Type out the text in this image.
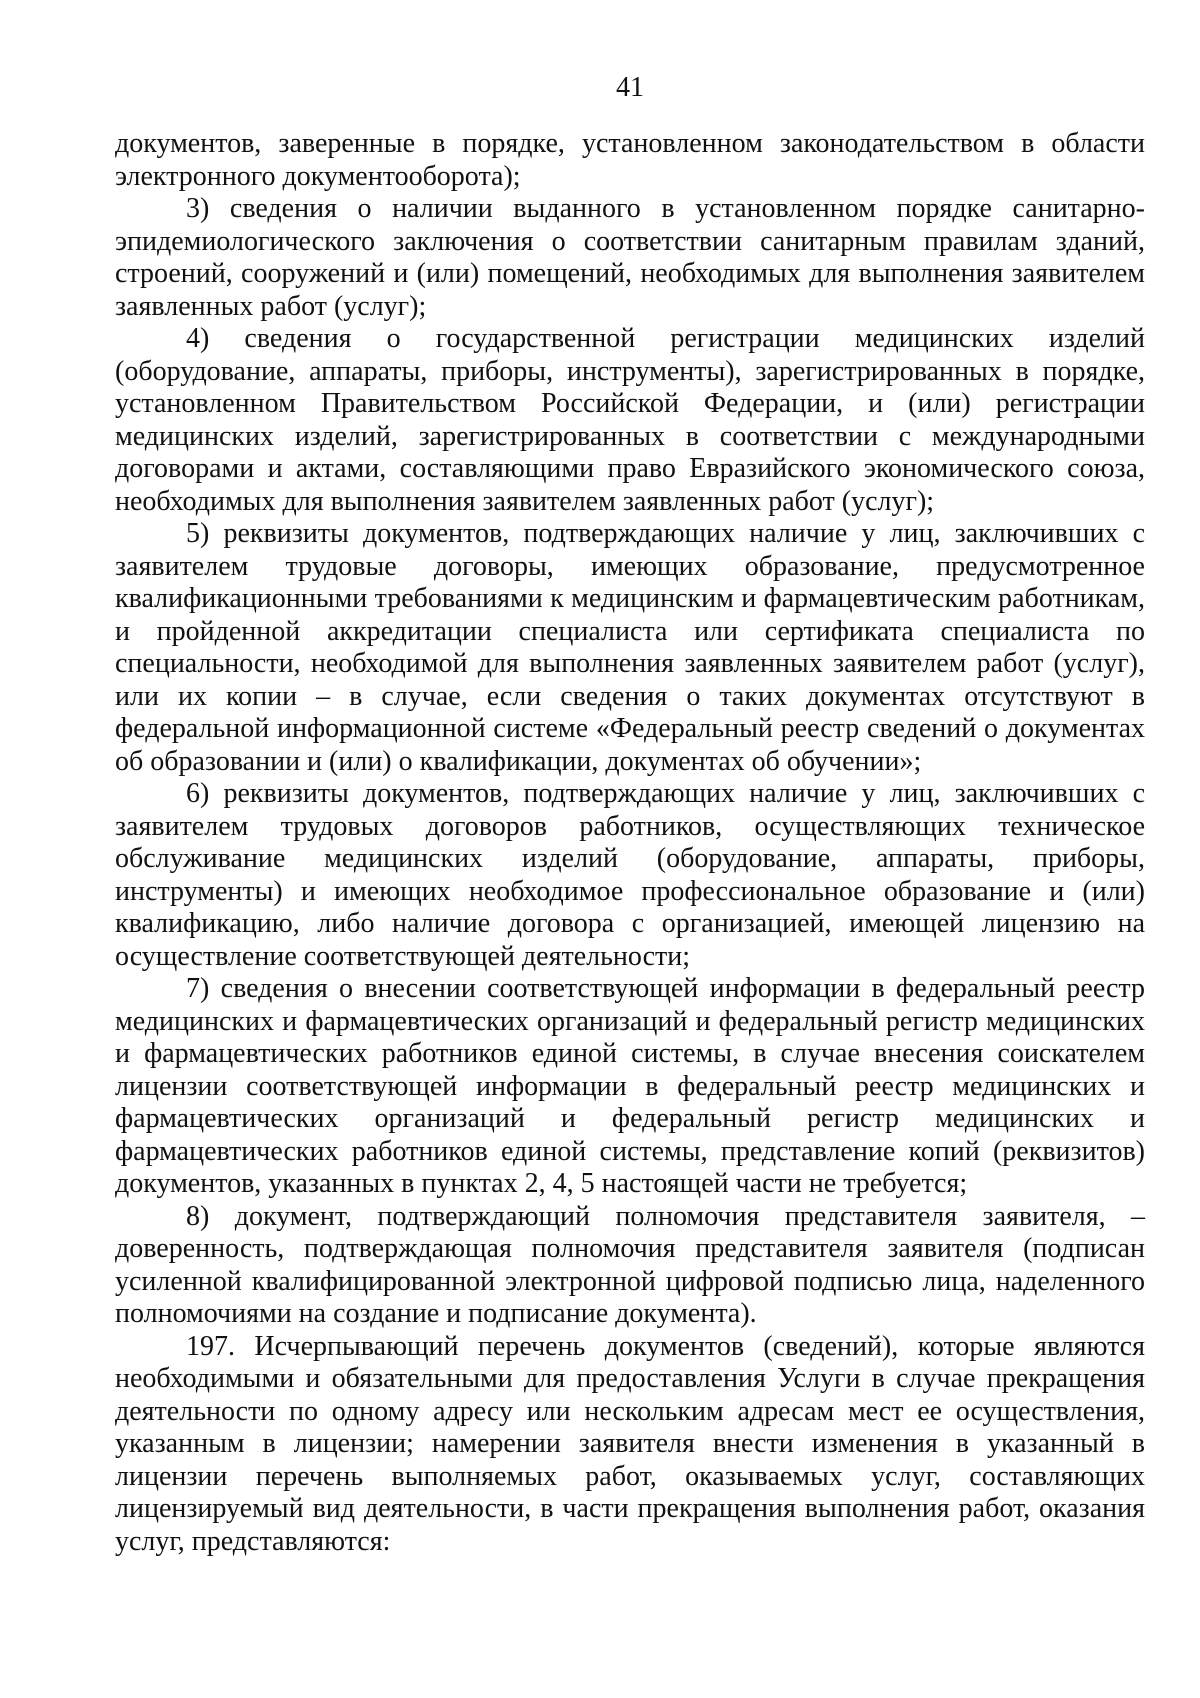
41

документов, заверенные в порядке, установленном законодательством в области электронного документооборота);

3) сведения о наличии выданного в установленном порядке санитарно-эпидемиологического заключения о соответствии санитарным правилам зданий, строений, сооружений и (или) помещений, необходимых для выполнения заявителем заявленных работ (услуг);

4) сведения о государственной регистрации медицинских изделий (оборудование, аппараты, приборы, инструменты), зарегистрированных в порядке, установленном Правительством Российской Федерации, и (или) регистрации медицинских изделий, зарегистрированных в соответствии с международными договорами и актами, составляющими право Евразийского экономического союза, необходимых для выполнения заявителем заявленных работ (услуг);

5) реквизиты документов, подтверждающих наличие у лиц, заключивших с заявителем трудовые договоры, имеющих образование, предусмотренное квалификационными требованиями к медицинским и фармацевтическим работникам, и пройденной аккредитации специалиста или сертификата специалиста по специальности, необходимой для выполнения заявленных заявителем работ (услуг), или их копии – в случае, если сведения о таких документах отсутствуют в федеральной информационной системе «Федеральный реестр сведений о документах об образовании и (или) о квалификации, документах об обучении»;

6) реквизиты документов, подтверждающих наличие у лиц, заключивших с заявителем трудовых договоров работников, осуществляющих техническое обслуживание медицинских изделий (оборудование, аппараты, приборы, инструменты) и имеющих необходимое профессиональное образование и (или) квалификацию, либо наличие договора с организацией, имеющей лицензию на осуществление соответствующей деятельности;

7) сведения о внесении соответствующей информации в федеральный реестр медицинских и фармацевтических организаций и федеральный регистр медицинских и фармацевтических работников единой системы, в случае внесения соискателем лицензии соответствующей информации в федеральный реестр медицинских и фармацевтических организаций и федеральный регистр медицинских и фармацевтических работников единой системы, представление копий (реквизитов) документов, указанных в пунктах 2, 4, 5 настоящей части не требуется;

8) документ, подтверждающий полномочия представителя заявителя, – доверенность, подтверждающая полномочия представителя заявителя (подписан усиленной квалифицированной электронной цифровой подписью лица, наделенного полномочиями на создание и подписание документа).

197. Исчерпывающий перечень документов (сведений), которые являются необходимыми и обязательными для предоставления Услуги в случае прекращения деятельности по одному адресу или нескольким адресам мест ее осуществления, указанным в лицензии; намерении заявителя внести изменения в указанный в лицензии перечень выполняемых работ, оказываемых услуг, составляющих лицензируемый вид деятельности, в части прекращения выполнения работ, оказания услуг, представляются:
